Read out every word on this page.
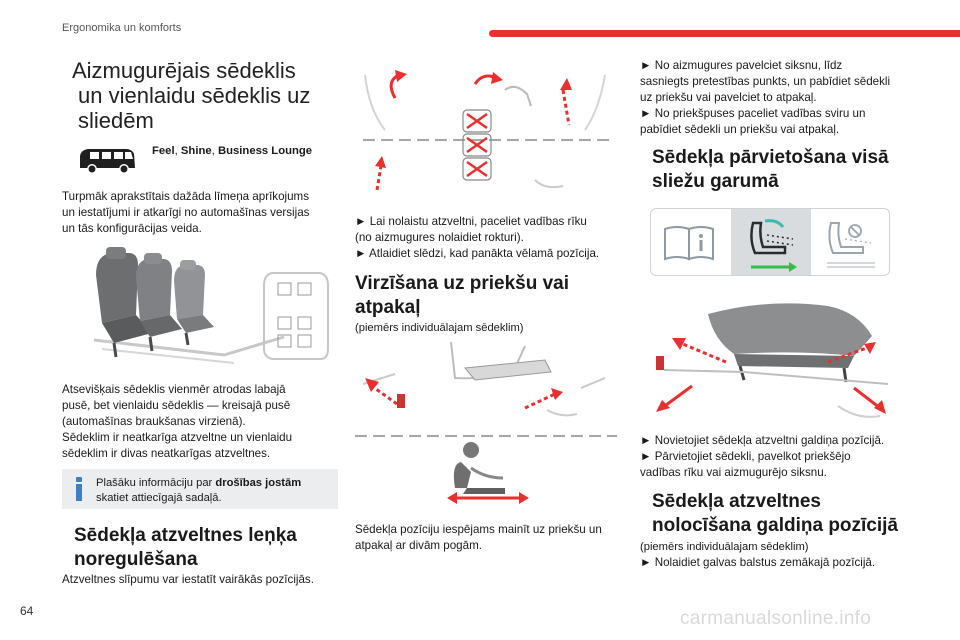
Ergonomika un komforts
Aizmugurējais sēdeklis
un vienlaidu sēdeklis uz
sliedēm
Feel, Shine, Business Lounge

Turpmāk aprakstītais dažāda līmeņa aprīkojums

un iestatījumi ir atkarīgi no automašīnas versijas

un tās konfigurācijas veida.

Atsevišķais sēdeklis vienmēr atrodas labajā

pusē, bet vienlaidu sēdeklis — kreisajā pusē

(automašīnas braukšanas virzienā).

Sēdeklim ir neatkarīga atzveltne un vienlaidu

sēdeklim ir divas neatkarīgas atzveltnes.

Plašāku informāciju par drošības jostām

skatiet attiecīgajā sadaļā.

Sēdekļa atzveltnes leņķa
noregulēšana

Atzveltnes slīpumu var iestatīt vairākās pozīcijās.

► Lai nolaistu atzveltni, paceliet vadības rīku

(no aizmugures nolaidiet rokturi).

► Atlaidiet slēdzi, kad panākta vēlamā pozīcija.

Virzīšana uz priekšu vai
atpakaļ

(piemērs individuālajam sēdeklim)

Sēdekļa pozīciju iespējams mainīt uz priekšu un

atpakaļ ar divām pogām.

► No aizmugures pavelciet siksnu, līdz

sasniegts pretestības punkts, un pabīdiet sēdekli

uz priekšu vai pavelciet to atpakaļ.

► No priekšpuses paceliet vadības sviru un

pabīdiet sēdekli un priekšu vai atpakaļ.

Sēdekļa pārvietošana visā
sliežu garumā

► Novietojiet sēdekļa atzveltni galdiņa pozīcijā.

► Pārvietojiet sēdekli, pavelkot priekšējo

vadības rīku vai aizmugurējo siksnu.

Sēdekļa atzveltnes
nolocīšana galdiņa pozīcijā

(piemērs individuālajam sēdeklim)

► Nolaidiet galvas balstus zemākajā pozīcijā.

64	carmanualsonline.info
